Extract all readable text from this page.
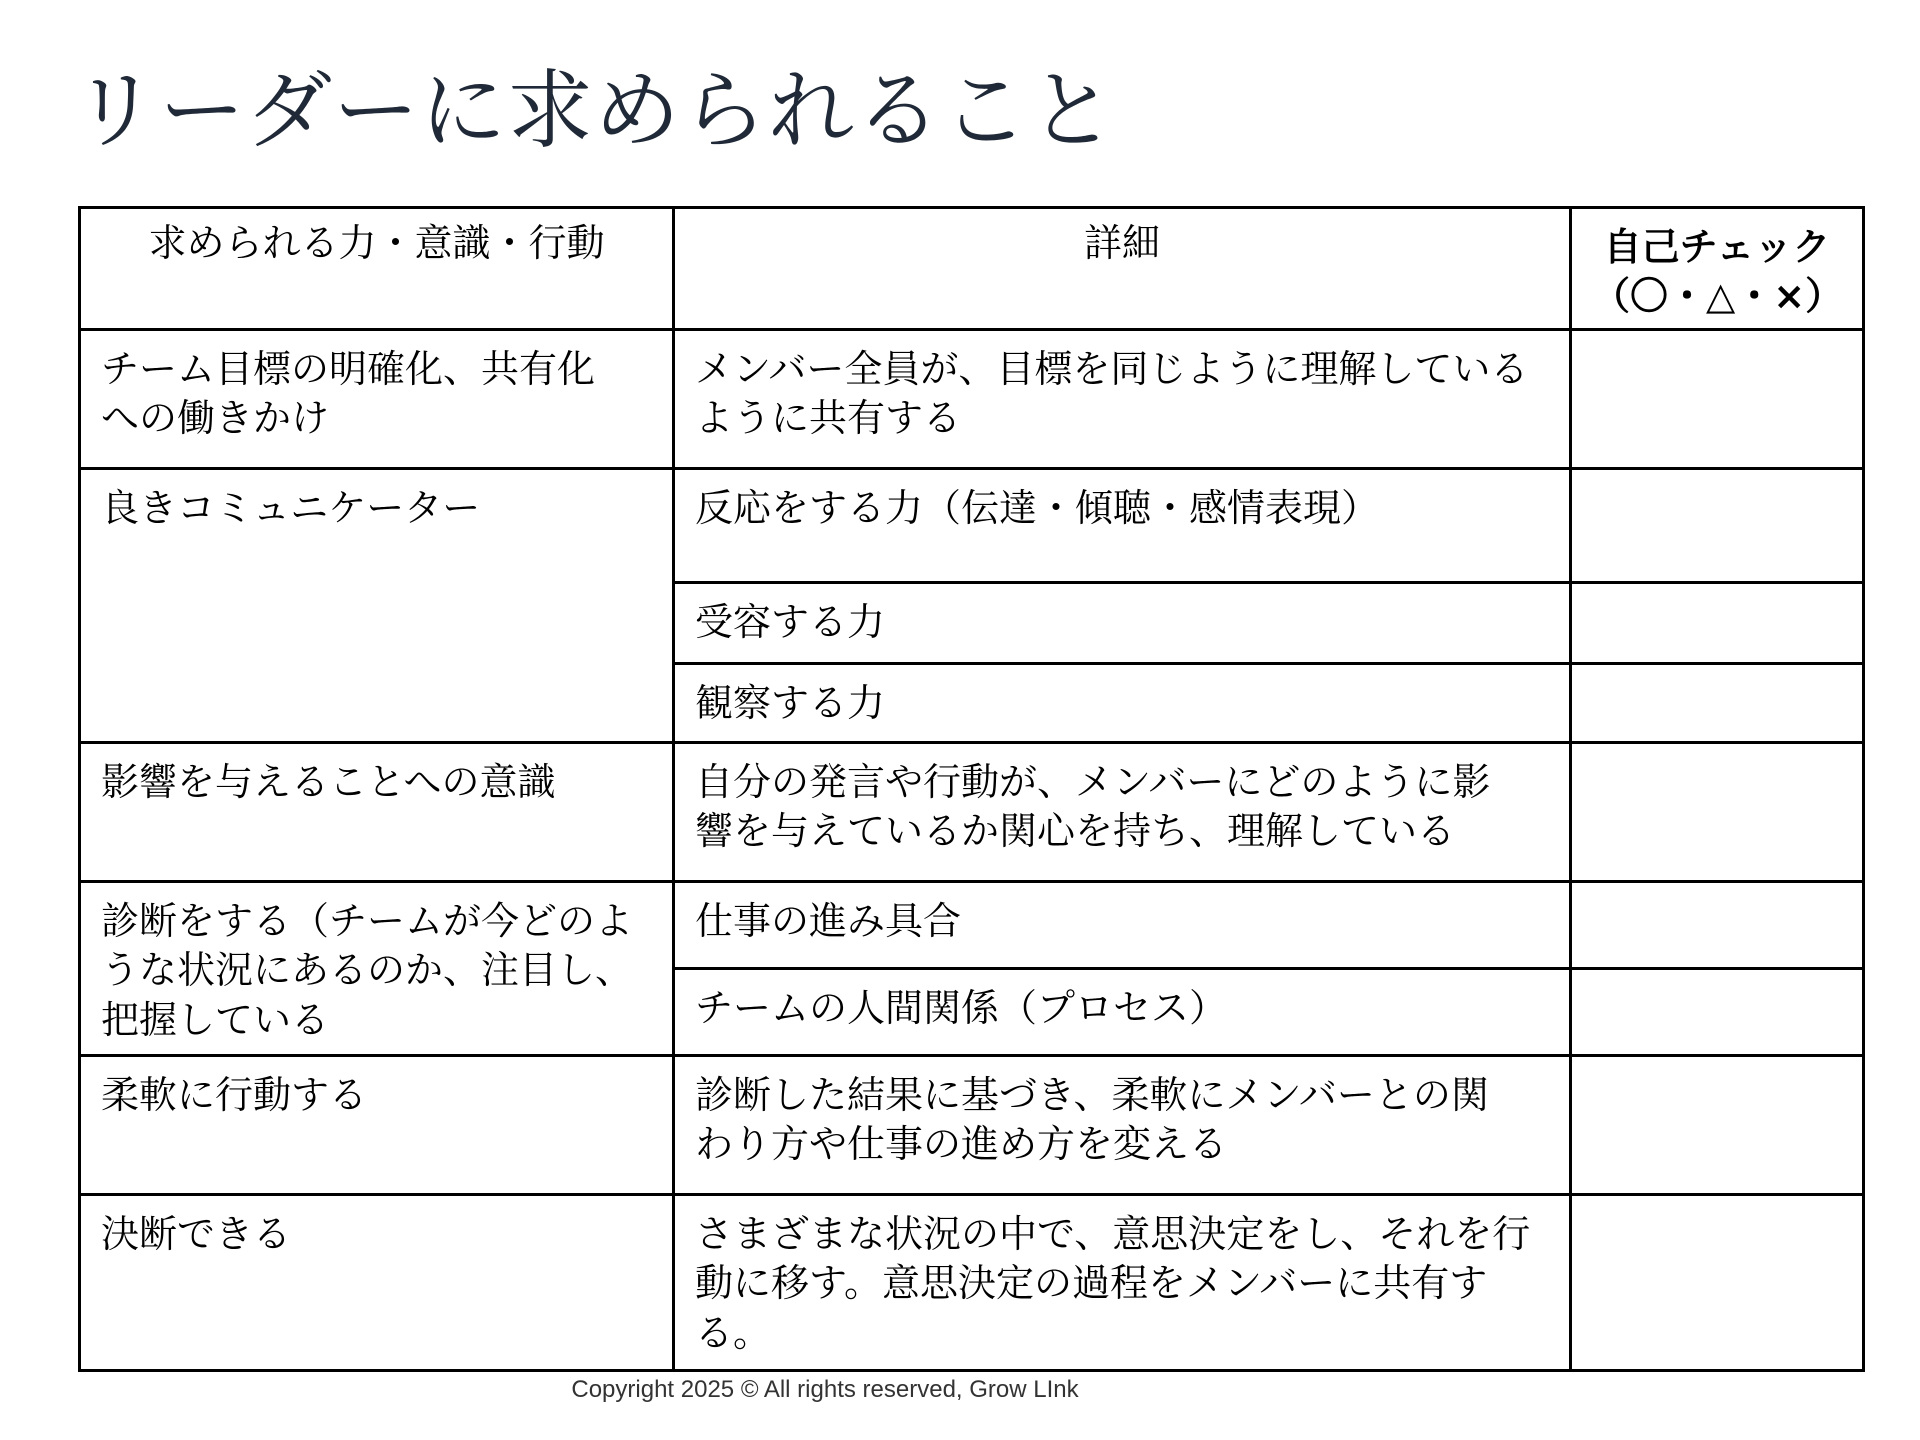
リーダーに求められること
求められる力・意識・行動	詳細	自己チェック
（〇・△・×）

チーム目標の明確化、共有化
への働きかけ	メンバー全員が、目標を同じように理解している
ように共有する	

良きコミュニケーター	反応をする力（伝達・傾聴・感情表現）	

	受容する力	

	観察する力	

影響を与えることへの意識	自分の発言や行動が、メンバーにどのように影
響を与えているか関心を持ち、理解している	

診断をする（チームが今どのよ
うな状況にあるのか、注目し、
把握している	仕事の進み具合	

	チームの人間関係（プロセス）	

柔軟に行動する	診断した結果に基づき、柔軟にメンバーとの関
わり方や仕事の進め方を変える	

決断できる	さまざまな状況の中で、意思決定をし、それを行
動に移す。意思決定の過程をメンバーに共有す
る。	

Copyright 2025 © All rights reserved, Grow LInk
